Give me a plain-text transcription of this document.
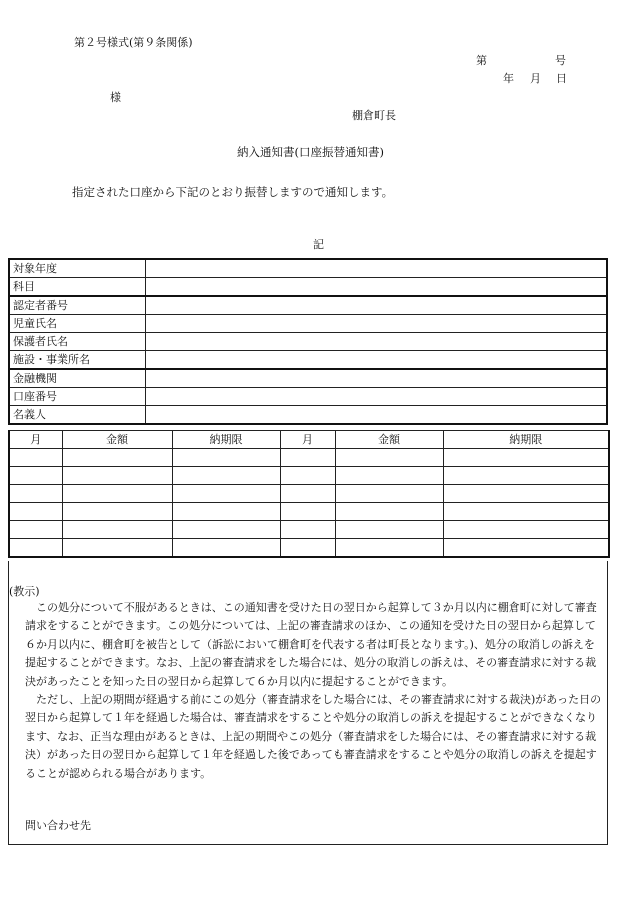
第２号様式(第９条関係)
第	号
年 月 日
様
棚倉町長
納入通知書(口座振替通知書)
指定された口座から下記のとおり振替しますので通知します。
記
対象年度	
科目	
認定者番号	
児童氏名	
保護者氏名	
施設・事業所名	
金融機関	
口座番号	
名義人	
月	金額	納期限	月	金額	納期限

(教示)

この処分について不服があるときは、この通知書を受けた日の翌日から起算して３か月以内に棚倉町に対して審査請求をすることができます。この処分については、上記の審査請求のほか、この通知を受けた日の翌日から起算して６か月以内に、棚倉町を被告として（訴訟において棚倉町を代表する者は町長となります。)、処分の取消しの訴えを提起することができます。なお、上記の審査請求をした場合には、処分の取消しの訴えは、その審査請求に対する裁決があったことを知った日の翌日から起算して６か月以内に提起することができます。

ただし、上記の期間が経過する前にこの処分（審査請求をした場合には、その審査請求に対する裁決)があった日の翌日から起算して１年を経過した場合は、審査請求をすることや処分の取消しの訴えを提起することができなくなります、なお、正当な理由があるときは、上記の期間やこの処分（審査請求をした場合には、その審査請求に対する裁決）があった日の翌日から起算して１年を経過した後であっても審査請求をすることや処分の取消しの訴えを提起することが認められる場合があります。

問い合わせ先
